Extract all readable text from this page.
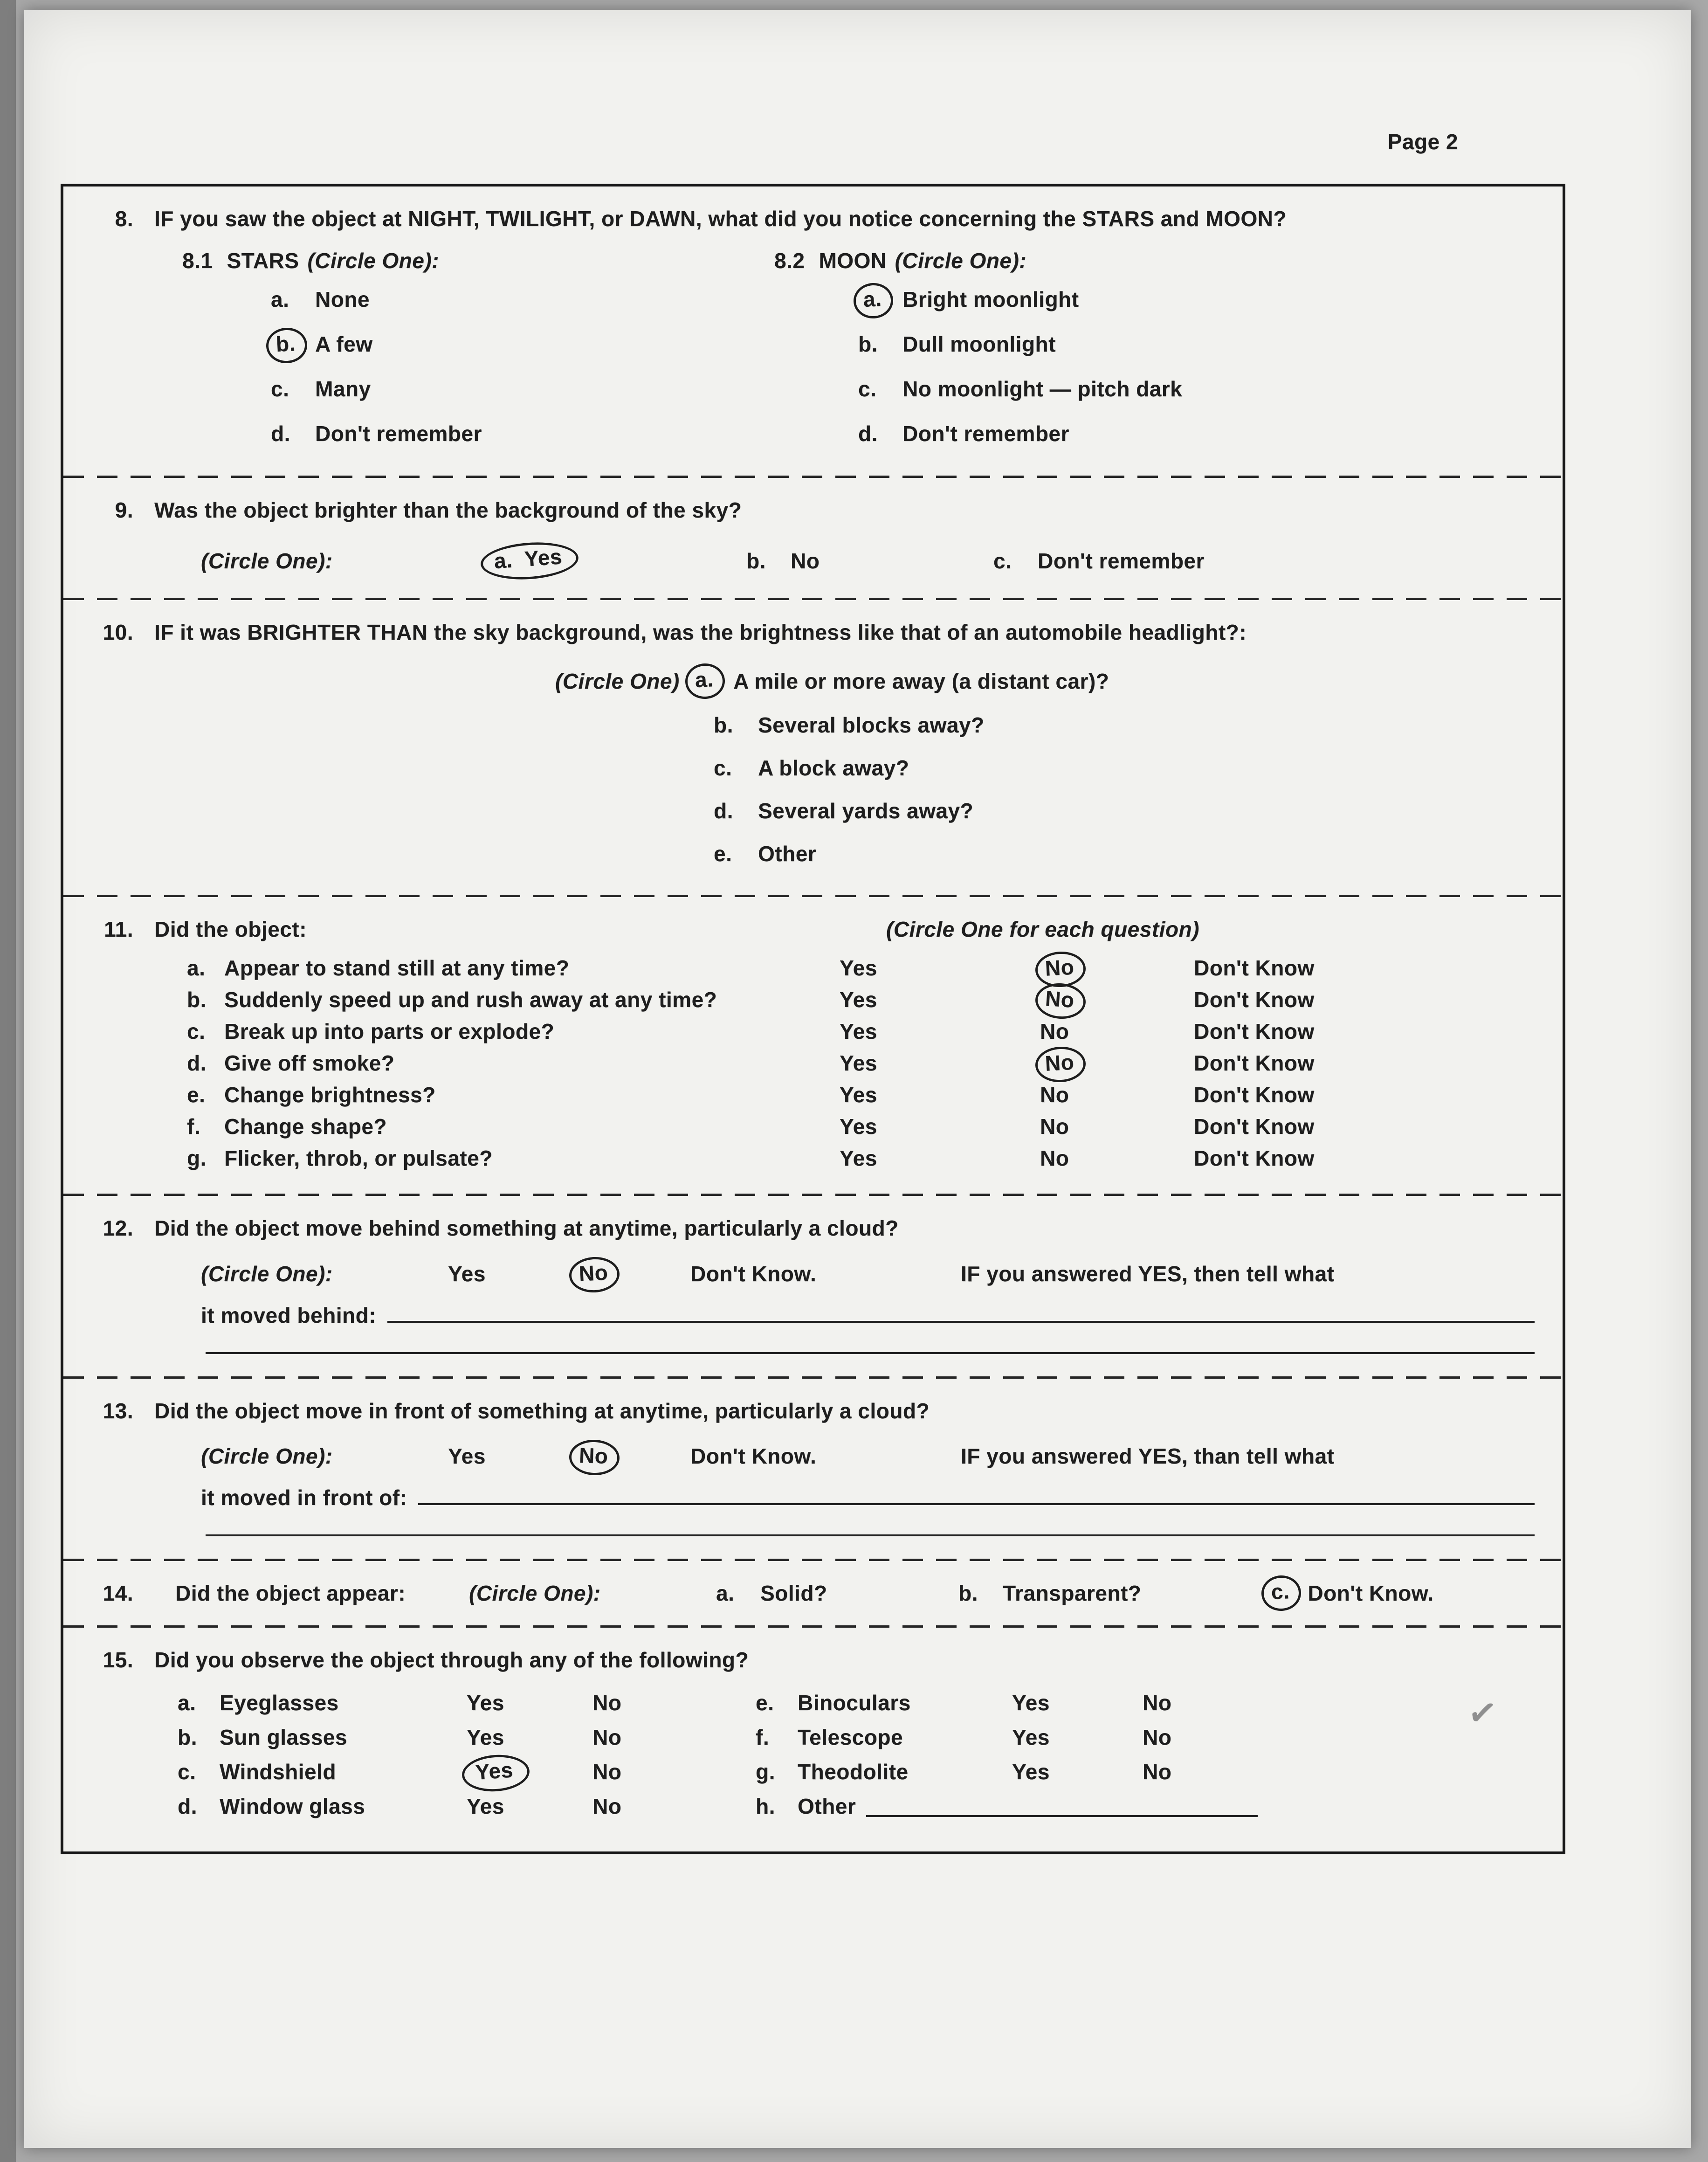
Page 2
8. IF you saw the object at NIGHT, TWILIGHT, or DAWN, what did you notice concerning the STARS and MOON?
8.1 STARS (Circle One):
a.	None
b. A few
c.	Many
d.	Don't remember
8.2 MOON (Circle One):
a. Bright moonlight
b.	Dull moonlight
c.	No moonlight — pitch dark
d.	Don't remember
9. Was the object brighter than the background of the sky?
(Circle One):	a. Yes	b.	No	c.	Don't remember
10. IF it was BRIGHTER THAN the sky background, was the brightness like that of an automobile headlight?:
(Circle One) a. A mile or more away (a distant car)?
b.	Several blocks away?
c.	A block away?
d.	Several yards away?
e.	Other
11. Did the object:	(Circle One for each question)
a. Appear to stand still at any time?	Yes	No	Don't Know
b. Suddenly speed up and rush away at any time?	Yes	No	Don't Know
c. Break up into parts or explode?	Yes	No	Don't Know
d. Give off smoke?	Yes	No	Don't Know
e. Change brightness?	Yes	No	Don't Know
f.	Change shape?	Yes	No	Don't Know
g. Flicker, throb, or pulsate?	Yes	No	Don't Know
12. Did the object move behind something at anytime, particularly a cloud?
(Circle One):	Yes	No	Don't Know.	IF you answered YES, then tell what
it moved behind:
13. Did the object move in front of something at anytime, particularly a cloud?
(Circle One):	Yes	No	Don't Know.	IF you answered YES, than tell what
it moved in front of:
14. Did the object appear:	(Circle One):	a.	Solid?	b.	Transparent?	c. Don't Know.
15. Did you observe the object through any of the following?
a.	Eyeglasses	Yes	No
b.	Sun glasses	Yes	No
c.	Windshield	Yes	No
d.	Window glass	Yes	No
e.	Binoculars	Yes	No
f.	Telescope	Yes	No
g.	Theodolite	Yes	No
h.	Other
✓
